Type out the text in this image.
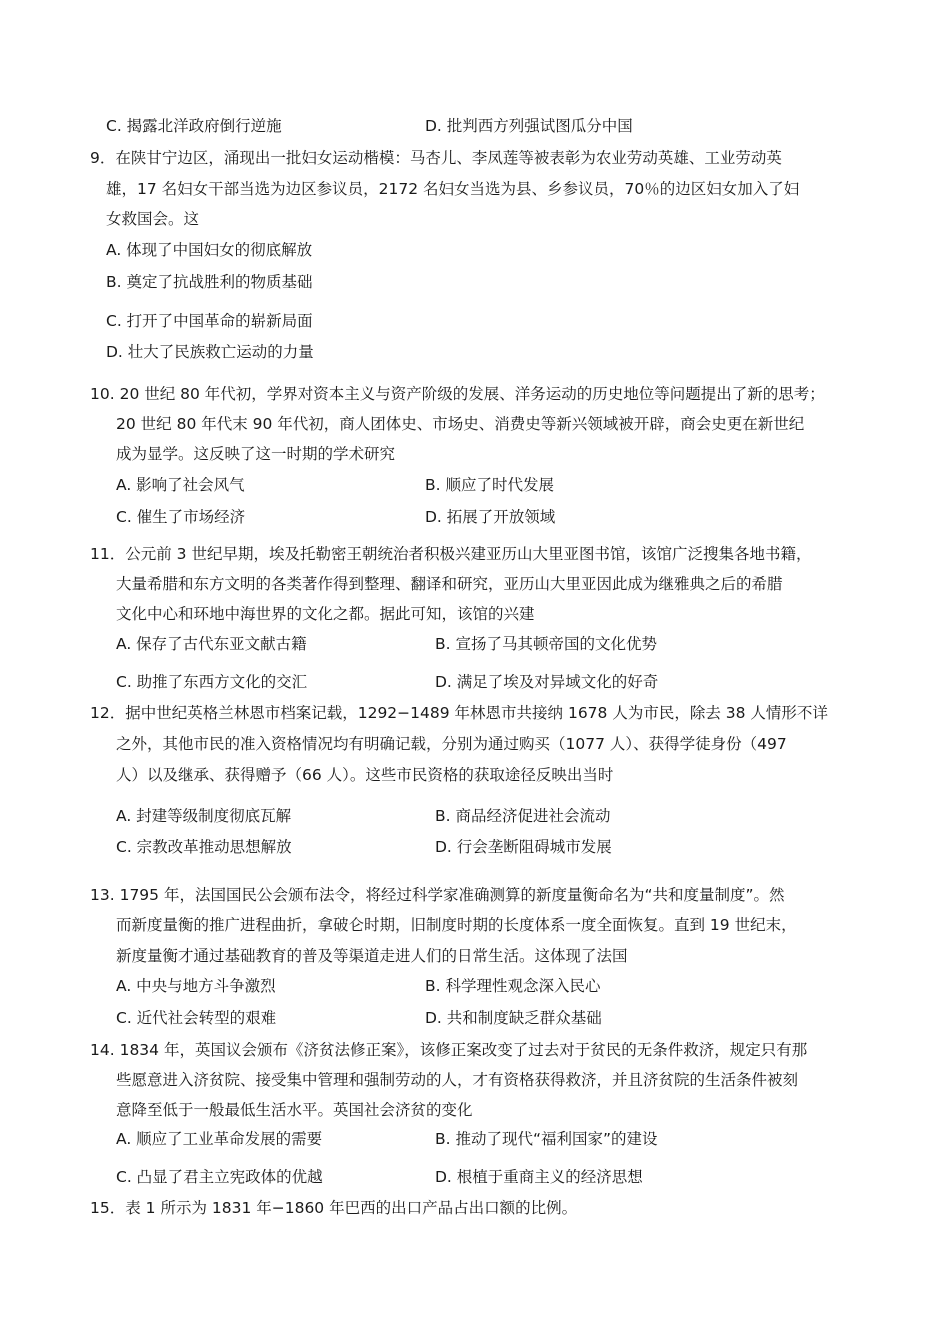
C. 揭露北洋政府倒行逆施	D. 批判西方列强试图瓜分中国
9．在陕甘宁边区，涌现出一批妇女运动楷模：马杏儿、李凤莲等被表彰为农业劳动英雄、工业劳动英
雄，17 名妇女干部当选为边区参议员，2172 名妇女当选为县、乡参议员，70％的边区妇女加入了妇
女救国会。这
A. 体现了中国妇女的彻底解放
B. 奠定了抗战胜利的物质基础
C. 打开了中国革命的崭新局面
D. 壮大了民族救亡运动的力量
10. 20 世纪 80 年代初，学界对资本主义与资产阶级的发展、洋务运动的历史地位等问题提出了新的思考；
20 世纪 80 年代末 90 年代初，商人团体史、市场史、消费史等新兴领域被开辟，商会史更在新世纪
成为显学。这反映了这一时期的学术研究
A. 影响了社会风气	B. 顺应了时代发展
C. 催生了市场经济	D. 拓展了开放领域
11．公元前 3 世纪早期，埃及托勒密王朝统治者积极兴建亚历山大里亚图书馆，该馆广泛搜集各地书籍，
大量希腊和东方文明的各类著作得到整理、翻译和研究，亚历山大里亚因此成为继雅典之后的希腊
文化中心和环地中海世界的文化之都。据此可知，该馆的兴建
A. 保存了古代东亚文献古籍	B. 宣扬了马其顿帝国的文化优势
C. 助推了东西方文化的交汇	D. 满足了埃及对异域文化的好奇
12．据中世纪英格兰林恩市档案记载，1292−1489 年林恩市共接纳 1678 人为市民，除去 38 人情形不详
之外，其他市民的准入资格情况均有明确记载，分别为通过购买（1077 人）、获得学徒身份（497
人）以及继承、获得赠予（66 人）。这些市民资格的获取途径反映出当时
A. 封建等级制度彻底瓦解	B. 商品经济促进社会流动
C. 宗教改革推动思想解放	D. 行会垄断阻碍城市发展
13. 1795 年，法国国民公会颁布法令，将经过科学家准确测算的新度量衡命名为“共和度量制度”。然
而新度量衡的推广进程曲折，拿破仑时期，旧制度时期的长度体系一度全面恢复。直到 19 世纪末，
新度量衡才通过基础教育的普及等渠道走进人们的日常生活。这体现了法国
A. 中央与地方斗争激烈	B. 科学理性观念深入民心
C. 近代社会转型的艰难	D. 共和制度缺乏群众基础
14. 1834 年，英国议会颁布《济贫法修正案》，该修正案改变了过去对于贫民的无条件救济，规定只有那
些愿意进入济贫院、接受集中管理和强制劳动的人，才有资格获得救济，并且济贫院的生活条件被刻
意降至低于一般最低生活水平。英国社会济贫的变化
A. 顺应了工业革命发展的需要	B. 推动了现代“福利国家”的建设
C. 凸显了君主立宪政体的优越	D. 根植于重商主义的经济思想
15．表 1 所示为 1831 年−1860 年巴西的出口产品占出口额的比例。
